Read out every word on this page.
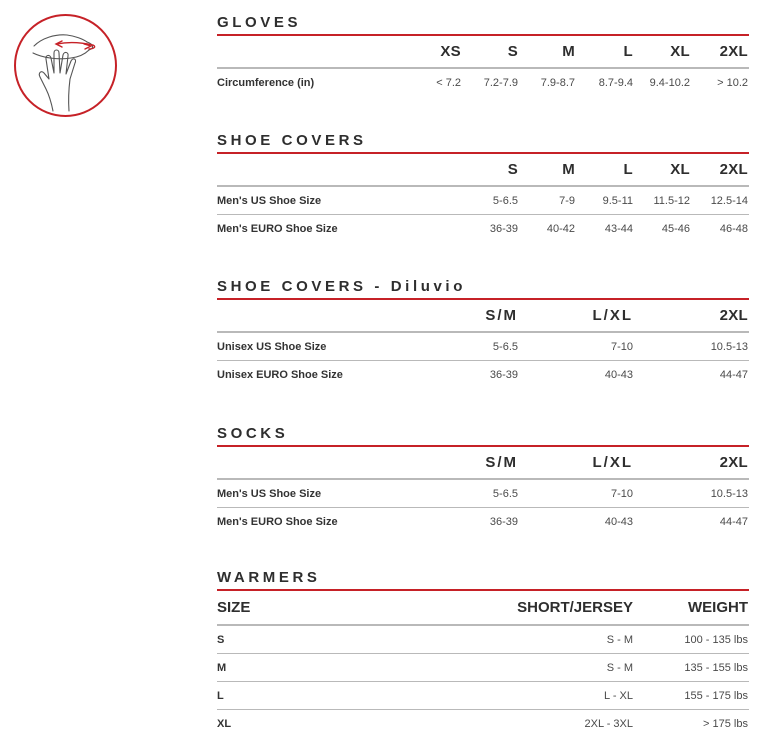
GLOVES
XS	S	M	L XL 2XL
Circumference (in)	< 7.2 7.2-7.9 7.9-8.7 8.7-9.4 9.4-10.2 > 10.2
SHOE COVERS
S	M	L XL 2XL
Men's US Shoe Size	5-6.5	7-9	9.5-11 11.5-12 12.5-14
Men's EURO Shoe Size	36-39	40-42	43-44	45-46	46-48
SHOE COVERS - Diluvio
S/M	L/XL	2XL
Unisex US Shoe Size	5-6.5	7-10	10.5-13
Unisex EURO Shoe Size	36-39	40-43	44-47
SOCKS
S/M	L/XL	2XL
Men's US Shoe Size	5-6.5	7-10	10.5-13
Men's EURO Shoe Size	36-39	40-43	44-47
WARMERS
SIZE	SHORT/JERSEY	WEIGHT
S	S - M	100 - 135 lbs
M	S - M	135 - 155 lbs
L	L - XL	155 - 175 lbs
XL	2XL - 3XL	> 175 lbs
